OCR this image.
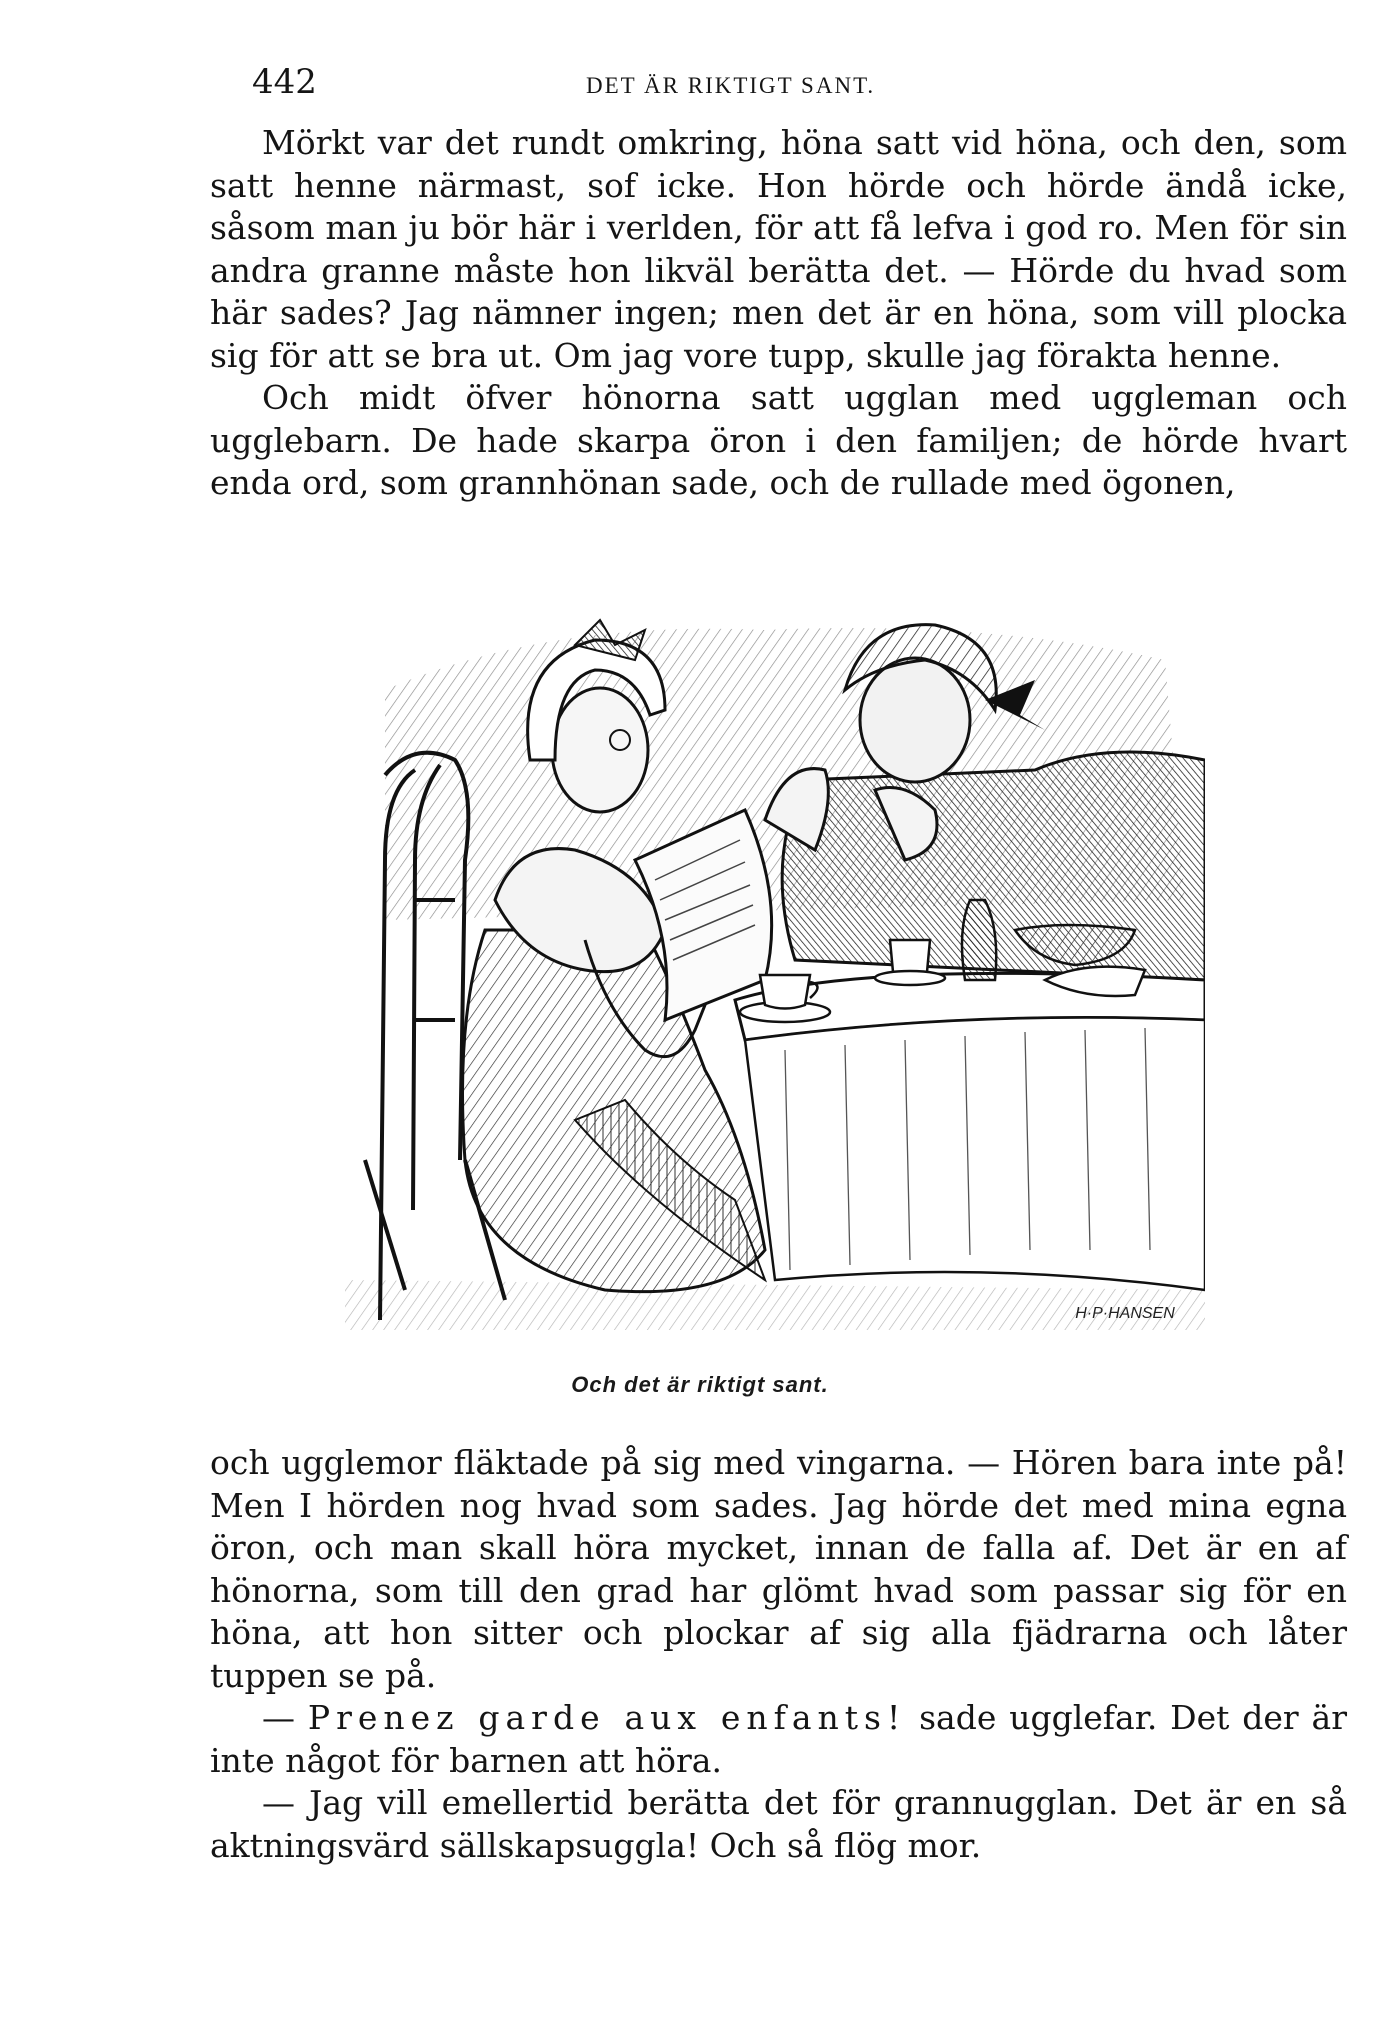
442	DET ÄR RIKTIGT SANT.

Mörkt var det rundt omkring, höna satt vid höna, och den, som satt henne närmast, sof icke. Hon hörde och hörde ändå icke, såsom man ju bör här i verlden, för att få lefva i god ro. Men för sin andra granne måste hon likväl berätta det. — Hörde du hvad som här sades? Jag nämner ingen; men det är en höna, som vill plocka sig för att se bra ut. Om jag vore tupp, skulle jag förakta henne.

Och midt öfver hönorna satt ugglan med uggleman och ugglebarn. De hade skarpa öron i den familjen; de hörde hvart enda ord, som grannhönan sade, och de rullade med ögonen,

H·P·HANSEN
Och det är riktigt sant.

och ugglemor fläktade på sig med vingarna. — Hören bara inte på! Men I hörden nog hvad som sades. Jag hörde det med mina egna öron, och man skall höra mycket, innan de falla af. Det är en af hönorna, som till den grad har glömt hvad som passar sig för en höna, att hon sitter och plockar af sig alla fjädrarna och låter tuppen se på.

— Prenez garde aux enfants! sade ugglefar. Det der är inte något för barnen att höra.

— Jag vill emellertid berätta det för grannugglan. Det är en så aktningsvärd sällskapsuggla! Och så flög mor.
